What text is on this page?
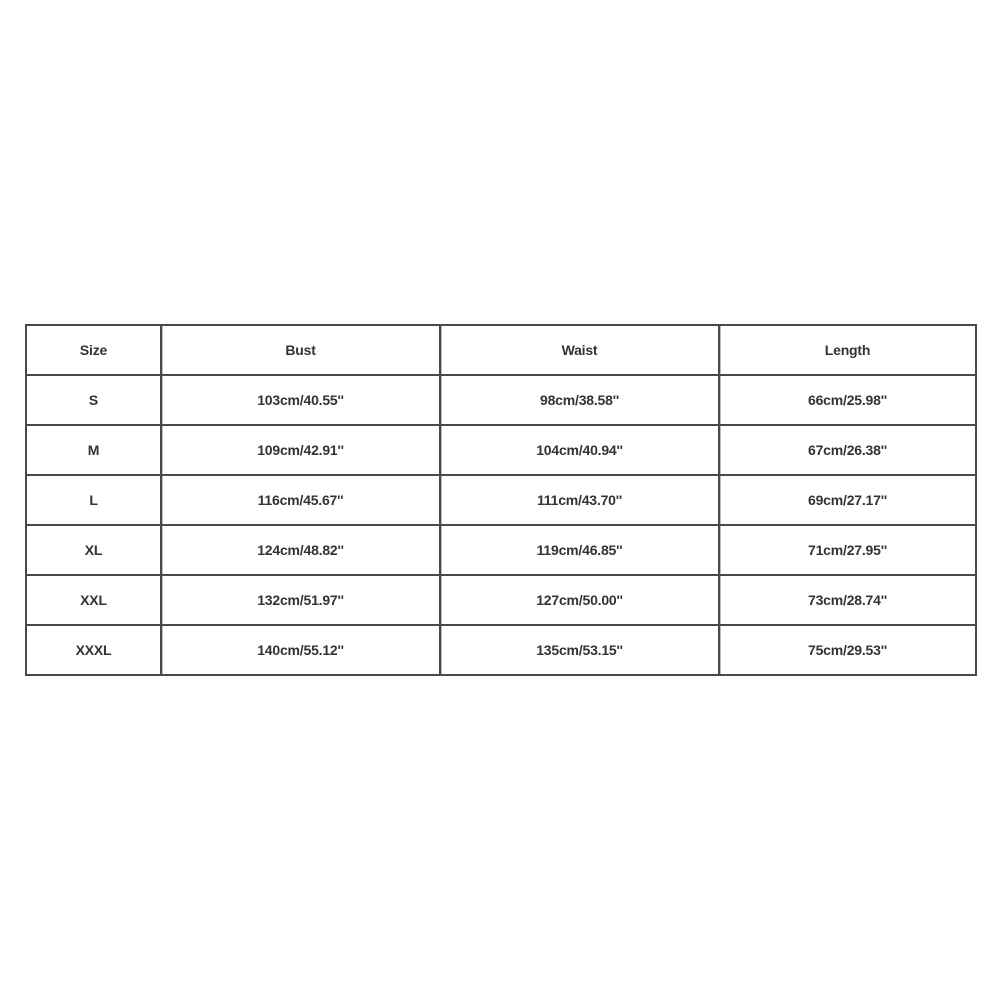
Size	Bust	Waist	Length
S	103cm/40.55''	98cm/38.58''	66cm/25.98''
M	109cm/42.91''	104cm/40.94''	67cm/26.38''
L	116cm/45.67''	111cm/43.70''	69cm/27.17''
XL	124cm/48.82''	119cm/46.85''	71cm/27.95''
XXL	132cm/51.97''	127cm/50.00''	73cm/28.74''
XXXL	140cm/55.12''	135cm/53.15''	75cm/29.53''
